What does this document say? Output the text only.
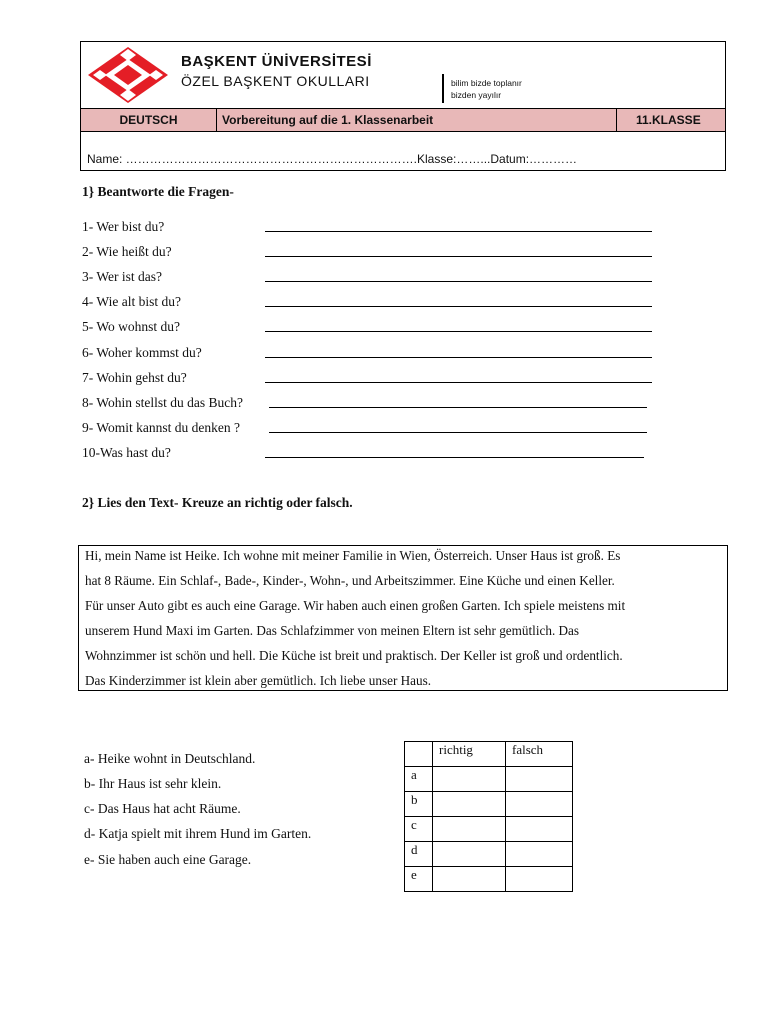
BAŞKENT ÜNİVERSİTESİ
ÖZEL BAŞKENT OKULLARI	bilim bizde toplanır
bizden yayılır
DEUTSCH	Vorbereitung auf die 1. Klassenarbeit	11.KLASSE
Name: ……………………………………………………………….Klasse:……...Datum:…………
1} Beantworte die Fragen-
1- Wer bist du?
2- Wie heißt du?
3- Wer ist das?
4- Wie alt bist du?
5- Wo wohnst du?
6- Woher kommst du?
7- Wohin gehst du?
8- Wohin stellst du das Buch?
9- Womit kannst du denken ?
10-Was hast du?
2} Lies den Text- Kreuze an richtig oder falsch.

Hi, mein Name ist Heike. Ich wohne mit meiner Familie in Wien, Österreich. Unser Haus ist groß. Es

hat 8 Räume. Ein Schlaf-, Bade-, Kinder-, Wohn-, und Arbeitszimmer. Eine Küche und einen Keller.

Für unser Auto gibt es auch eine Garage. Wir haben auch einen großen Garten. Ich spiele meistens mit

unserem Hund Maxi im Garten. Das Schlafzimmer von meinen Eltern ist sehr gemütlich. Das

Wohnzimmer ist schön und hell. Die Küche ist breit und praktisch. Der Keller ist groß und ordentlich.

Das Kinderzimmer ist klein aber gemütlich. Ich liebe unser Haus.

a- Heike wohnt in Deutschland.
b- Ihr Haus ist sehr klein.
c- Das Haus hat acht Räume.
d- Katja spielt mit ihrem Hund im Garten.
e- Sie haben auch eine Garage.
	richtig	falsch
a		
b		
c		
d		
e		
